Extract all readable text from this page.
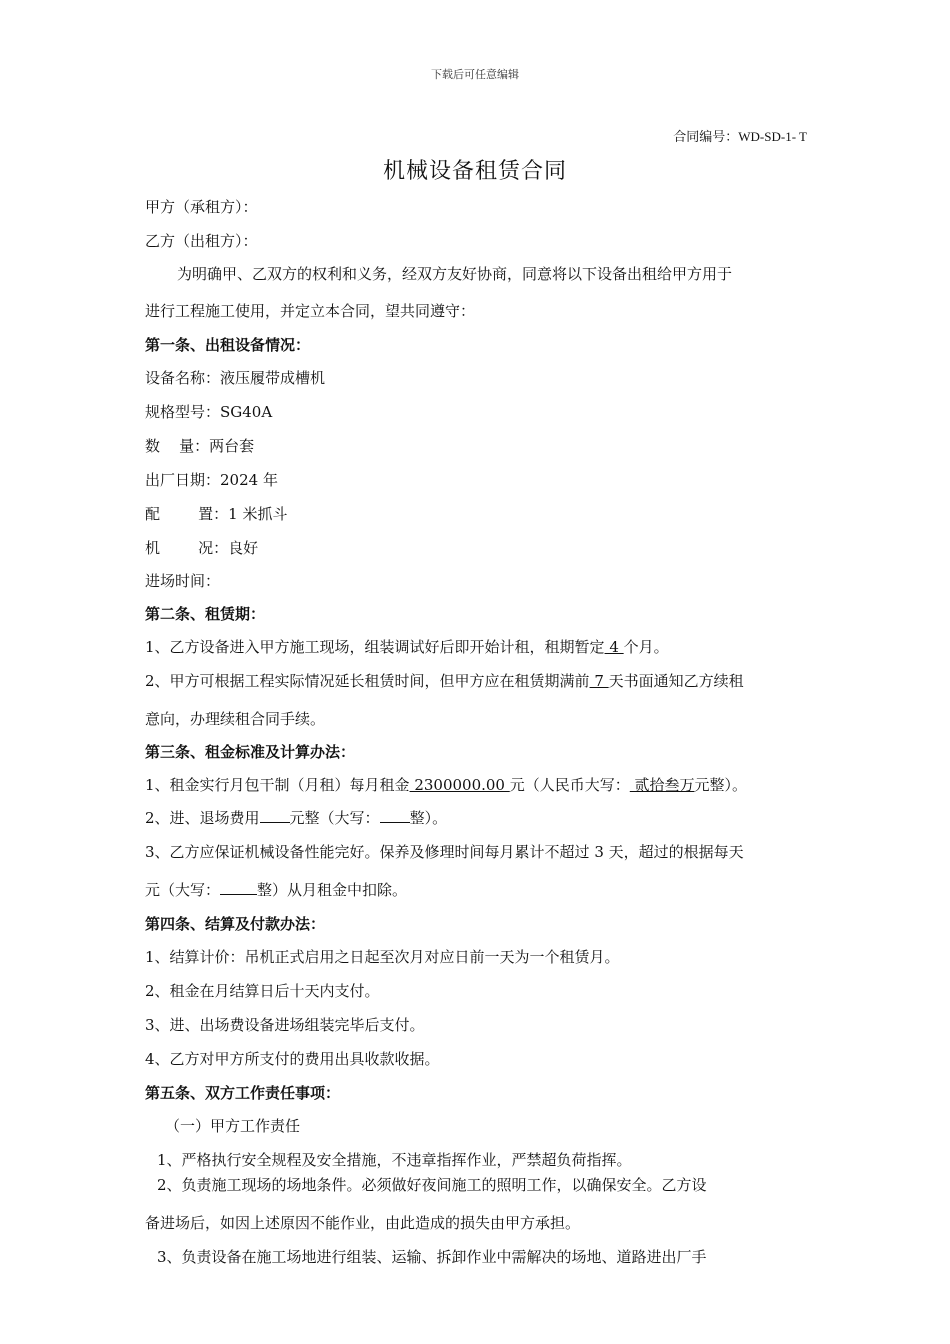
下载后可任意编辑
合同编号：WD-SD-1- T
机械设备租赁合同
甲方（承租方）：
乙方（出租方）：
为明确甲、乙双方的权利和义务，经双方友好协商，同意将以下设备出租给甲方用于
进行工程施工使用，并定立本合同，望共同遵守：
第一条、出租设备情况：
设备名称：液压履带成槽机
规格型号：SG40A
数    量：两台套
出厂日期：2024 年
配        置：1 米抓斗
机        况：良好
进场时间：
第二条、租赁期：
1、乙方设备进入甲方施工现场，组装调试好后即开始计租，租期暂定 4 个月。
2、甲方可根据工程实际情况延长租赁时间，但甲方应在租赁期满前 7 天书面通知乙方续租
意向，办理续租合同手续。
第三条、租金标准及计算办法：
1、租金实行月包干制（月租）每月租金 2300000.00 元（人民币大写： 贰拾叁万元整）。
2、进、退场费用 元整（大写： 整）。
3、乙方应保证机械设备性能完好。保养及修理时间每月累计不超过 3 天，超过的根据每天
元（大写： 整）从月租金中扣除。
第四条、结算及付款办法：
1、结算计价：吊机正式启用之日起至次月对应日前一天为一个租赁月。
2、租金在月结算日后十天内支付。
3、进、出场费设备进场组装完毕后支付。
4、乙方对甲方所支付的费用出具收款收据。
第五条、双方工作责任事项：
（一）甲方工作责任
1、严格执行安全规程及安全措施，不违章指挥作业，严禁超负荷指挥。
2、负责施工现场的场地条件。必须做好夜间施工的照明工作，以确保安全。乙方设
备进场后，如因上述原因不能作业，由此造成的损失由甲方承担。
3、负责设备在施工场地进行组装、运输、拆卸作业中需解决的场地、道路进出厂手
